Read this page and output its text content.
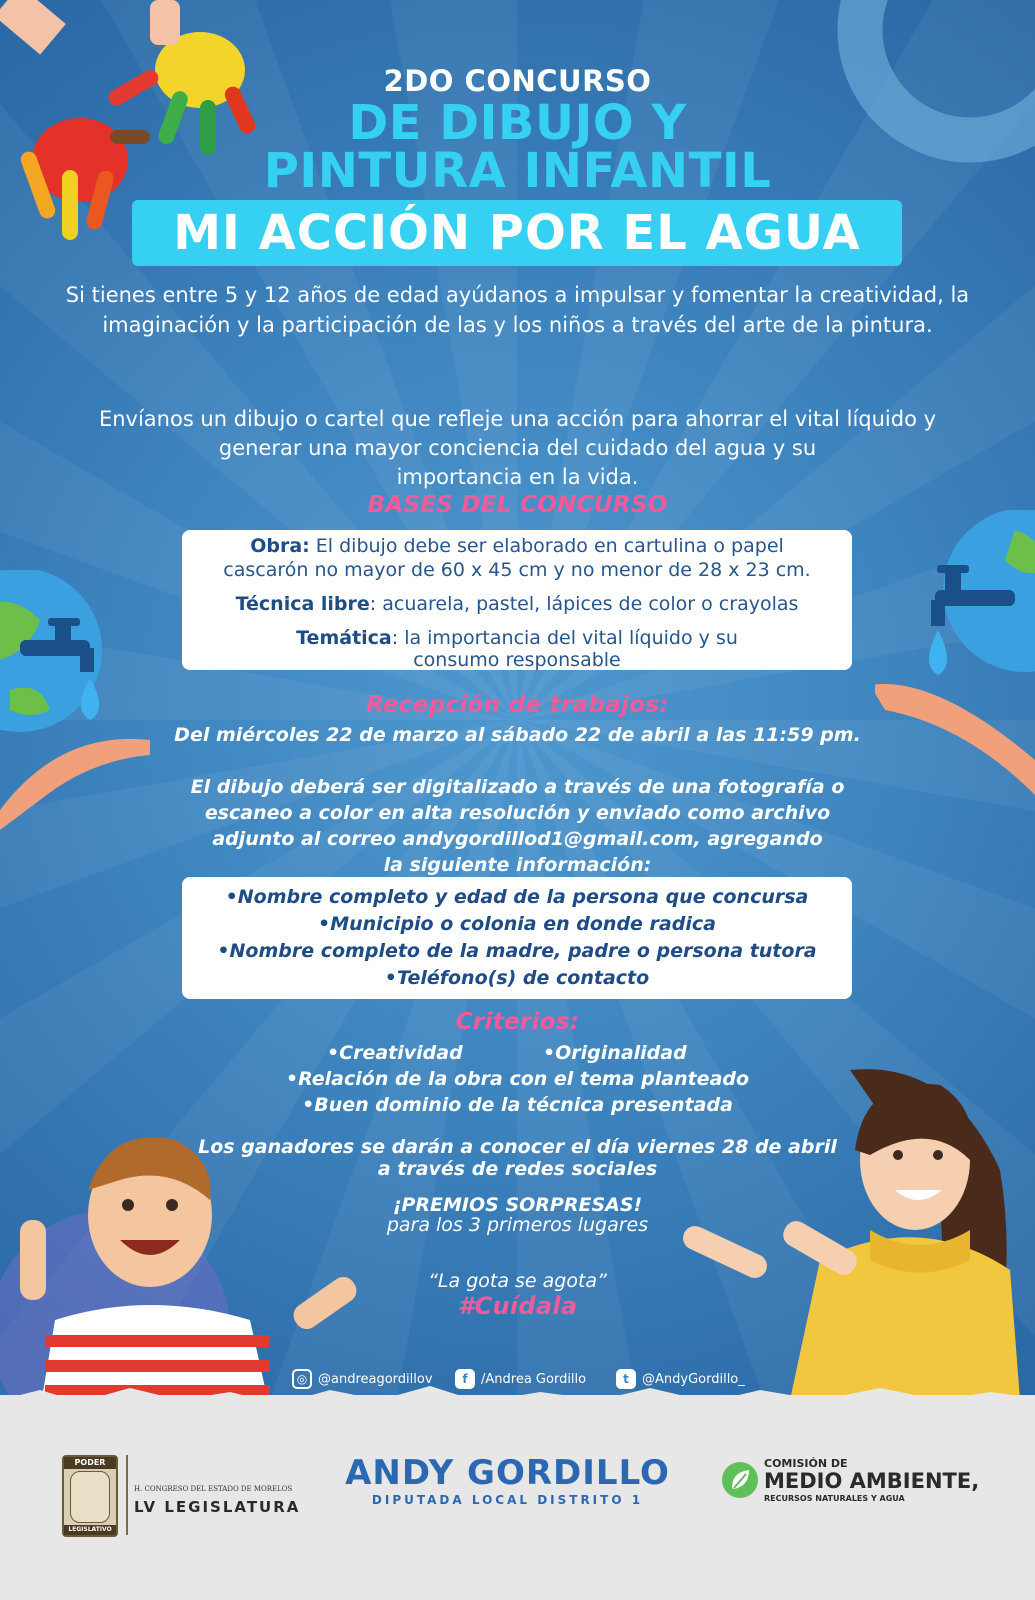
2DO CONCURSO
DE DIBUJO Y
PINTURA INFANTIL
MI ACCIÓN POR EL AGUA
Si tienes entre 5 y 12 años de edad ayúdanos a impulsar y fomentar la creatividad, la
imaginación y la participación de las y los niños a través del arte de la pintura.
Envíanos un dibujo o cartel que refleje una acción para ahorrar el vital líquido y
generar una mayor conciencia del cuidado del agua y su
importancia en la vida.
BASES DEL CONCURSO
Obra: El dibujo debe ser elaborado en cartulina o papel
cascarón no mayor de 60 x 45 cm y no menor de 28 x 23 cm.
Técnica libre: acuarela, pastel, lápices de color o crayolas
Temática: la importancia del vital líquido y su
consumo responsable
Recepción de trabajos:
Del miércoles 22 de marzo al sábado 22 de abril a las 11:59 pm.
El dibujo deberá ser digitalizado a través de una fotografía o
escaneo a color en alta resolución y enviado como archivo
adjunto al correo andygordillod1@gmail.com, agregando
la siguiente información:
•Nombre completo y edad de la persona que concursa
•Municipio o colonia en donde radica
•Nombre completo de la madre, padre o persona tutora
•Teléfono(s) de contacto
Criterios:
•Creatividad	•Originalidad
•Relación de la obra con el tema planteado
•Buen dominio de la técnica presentada
Los ganadores se darán a conocer el día viernes 28 de abril
a través de redes sociales
¡PREMIOS SORPRESAS!
para los 3 primeros lugares
“La gota se agota”
#Cuídala
◎ @andreagordillov	f	/Andrea Gordillo	t	@AndyGordillo_
PODER
LEGISLATIVO
H. CONGRESO DEL ESTADO DE MORELOS
LV LEGISLATURA
ANDY GORDILLO
DIPUTADA LOCAL DISTRITO 1
COMISIÓN DE
MEDIO AMBIENTE,
RECURSOS NATURALES Y AGUA
